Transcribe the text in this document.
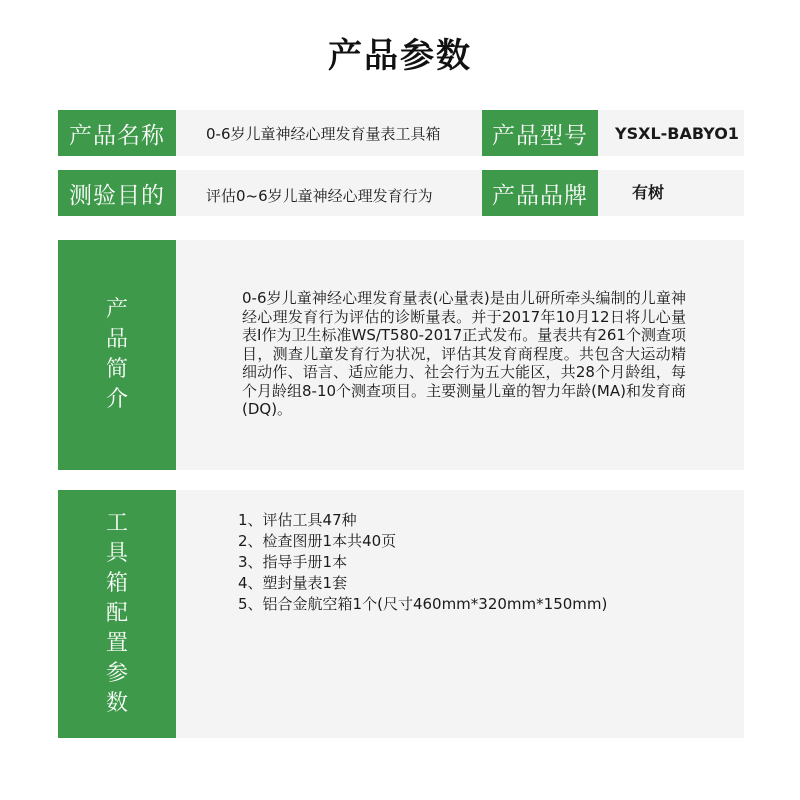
产品参数
产品名称	0-6岁儿童神经心理发育量表工具箱	产品型号	YSXL-BABYO1
测验目的	评估0~6岁儿童神经心理发育行为	产品品牌	有树
产品简介
0-6岁儿童神经心理发育量表(心量表)是由儿研所牵头编制的儿童神经心理发育行为评估的诊断量表。并于2017年10月12日将儿心量表Ⅰ作为卫生标准WS/T580-2017正式发布。量表共有261个测查项目，测查儿童发育行为状况，评估其发育商程度。共包含大运动精细动作、语言、适应能力、社会行为五大能区，共28个月龄组，每个月龄组8-10个测查项目。主要测量儿童的智力年龄(MA)和发育商(DQ)。
工具箱配置参数
1、评估工具47种
2、检查图册1本共40页
3、指导手册1本
4、塑封量表1套
5、铝合金航空箱1个(尺寸460mm*320mm*150mm)
